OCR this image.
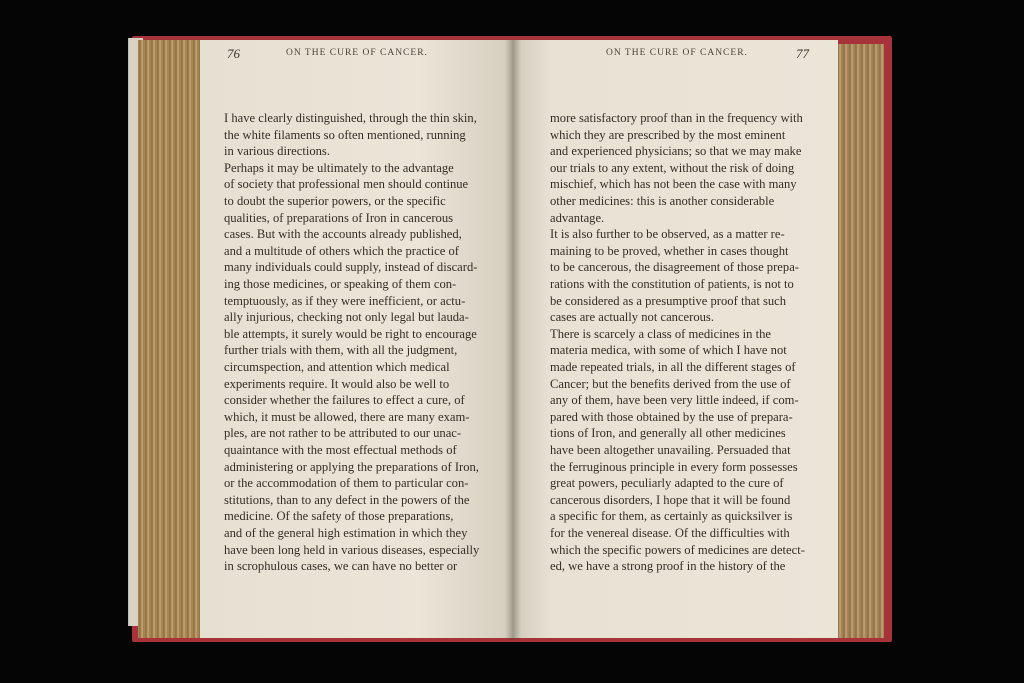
76	ON THE CURE OF CANCER.	ON THE CURE OF CANCER.	77
I have clearly distinguished, through the thin skin,
the white filaments so often mentioned, running
in various directions.
Perhaps it may be ultimately to the advantage
of society that professional men should continue
to doubt the superior powers, or the specific
qualities, of preparations of Iron in cancerous
cases. But with the accounts already published,
and a multitude of others which the practice of
many individuals could supply, instead of discard-
ing those medicines, or speaking of them con-
temptuously, as if they were inefficient, or actu-
ally injurious, checking not only legal but lauda-
ble attempts, it surely would be right to encourage
further trials with them, with all the judgment,
circumspection, and attention which medical
experiments require. It would also be well to
consider whether the failures to effect a cure, of
which, it must be allowed, there are many exam-
ples, are not rather to be attributed to our unac-
quaintance with the most effectual methods of
administering or applying the preparations of Iron,
or the accommodation of them to particular con-
stitutions, than to any defect in the powers of the
medicine. Of the safety of those preparations,
and of the general high estimation in which they
have been long held in various diseases, especially
in scrophulous cases, we can have no better or
more satisfactory proof than in the frequency with
which they are prescribed by the most eminent
and experienced physicians; so that we may make
our trials to any extent, without the risk of doing
mischief, which has not been the case with many
other medicines: this is another considerable
advantage.
It is also further to be observed, as a matter re-
maining to be proved, whether in cases thought
to be cancerous, the disagreement of those prepa-
rations with the constitution of patients, is not to
be considered as a presumptive proof that such
cases are actually not cancerous.
There is scarcely a class of medicines in the
materia medica, with some of which I have not
made repeated trials, in all the different stages of
Cancer; but the benefits derived from the use of
any of them, have been very little indeed, if com-
pared with those obtained by the use of prepara-
tions of Iron, and generally all other medicines
have been altogether unavailing. Persuaded that
the ferruginous principle in every form possesses
great powers, peculiarly adapted to the cure of
cancerous disorders, I hope that it will be found
a specific for them, as certainly as quicksilver is
for the venereal disease. Of the difficulties with
which the specific powers of medicines are detect-
ed, we have a strong proof in the history of the
